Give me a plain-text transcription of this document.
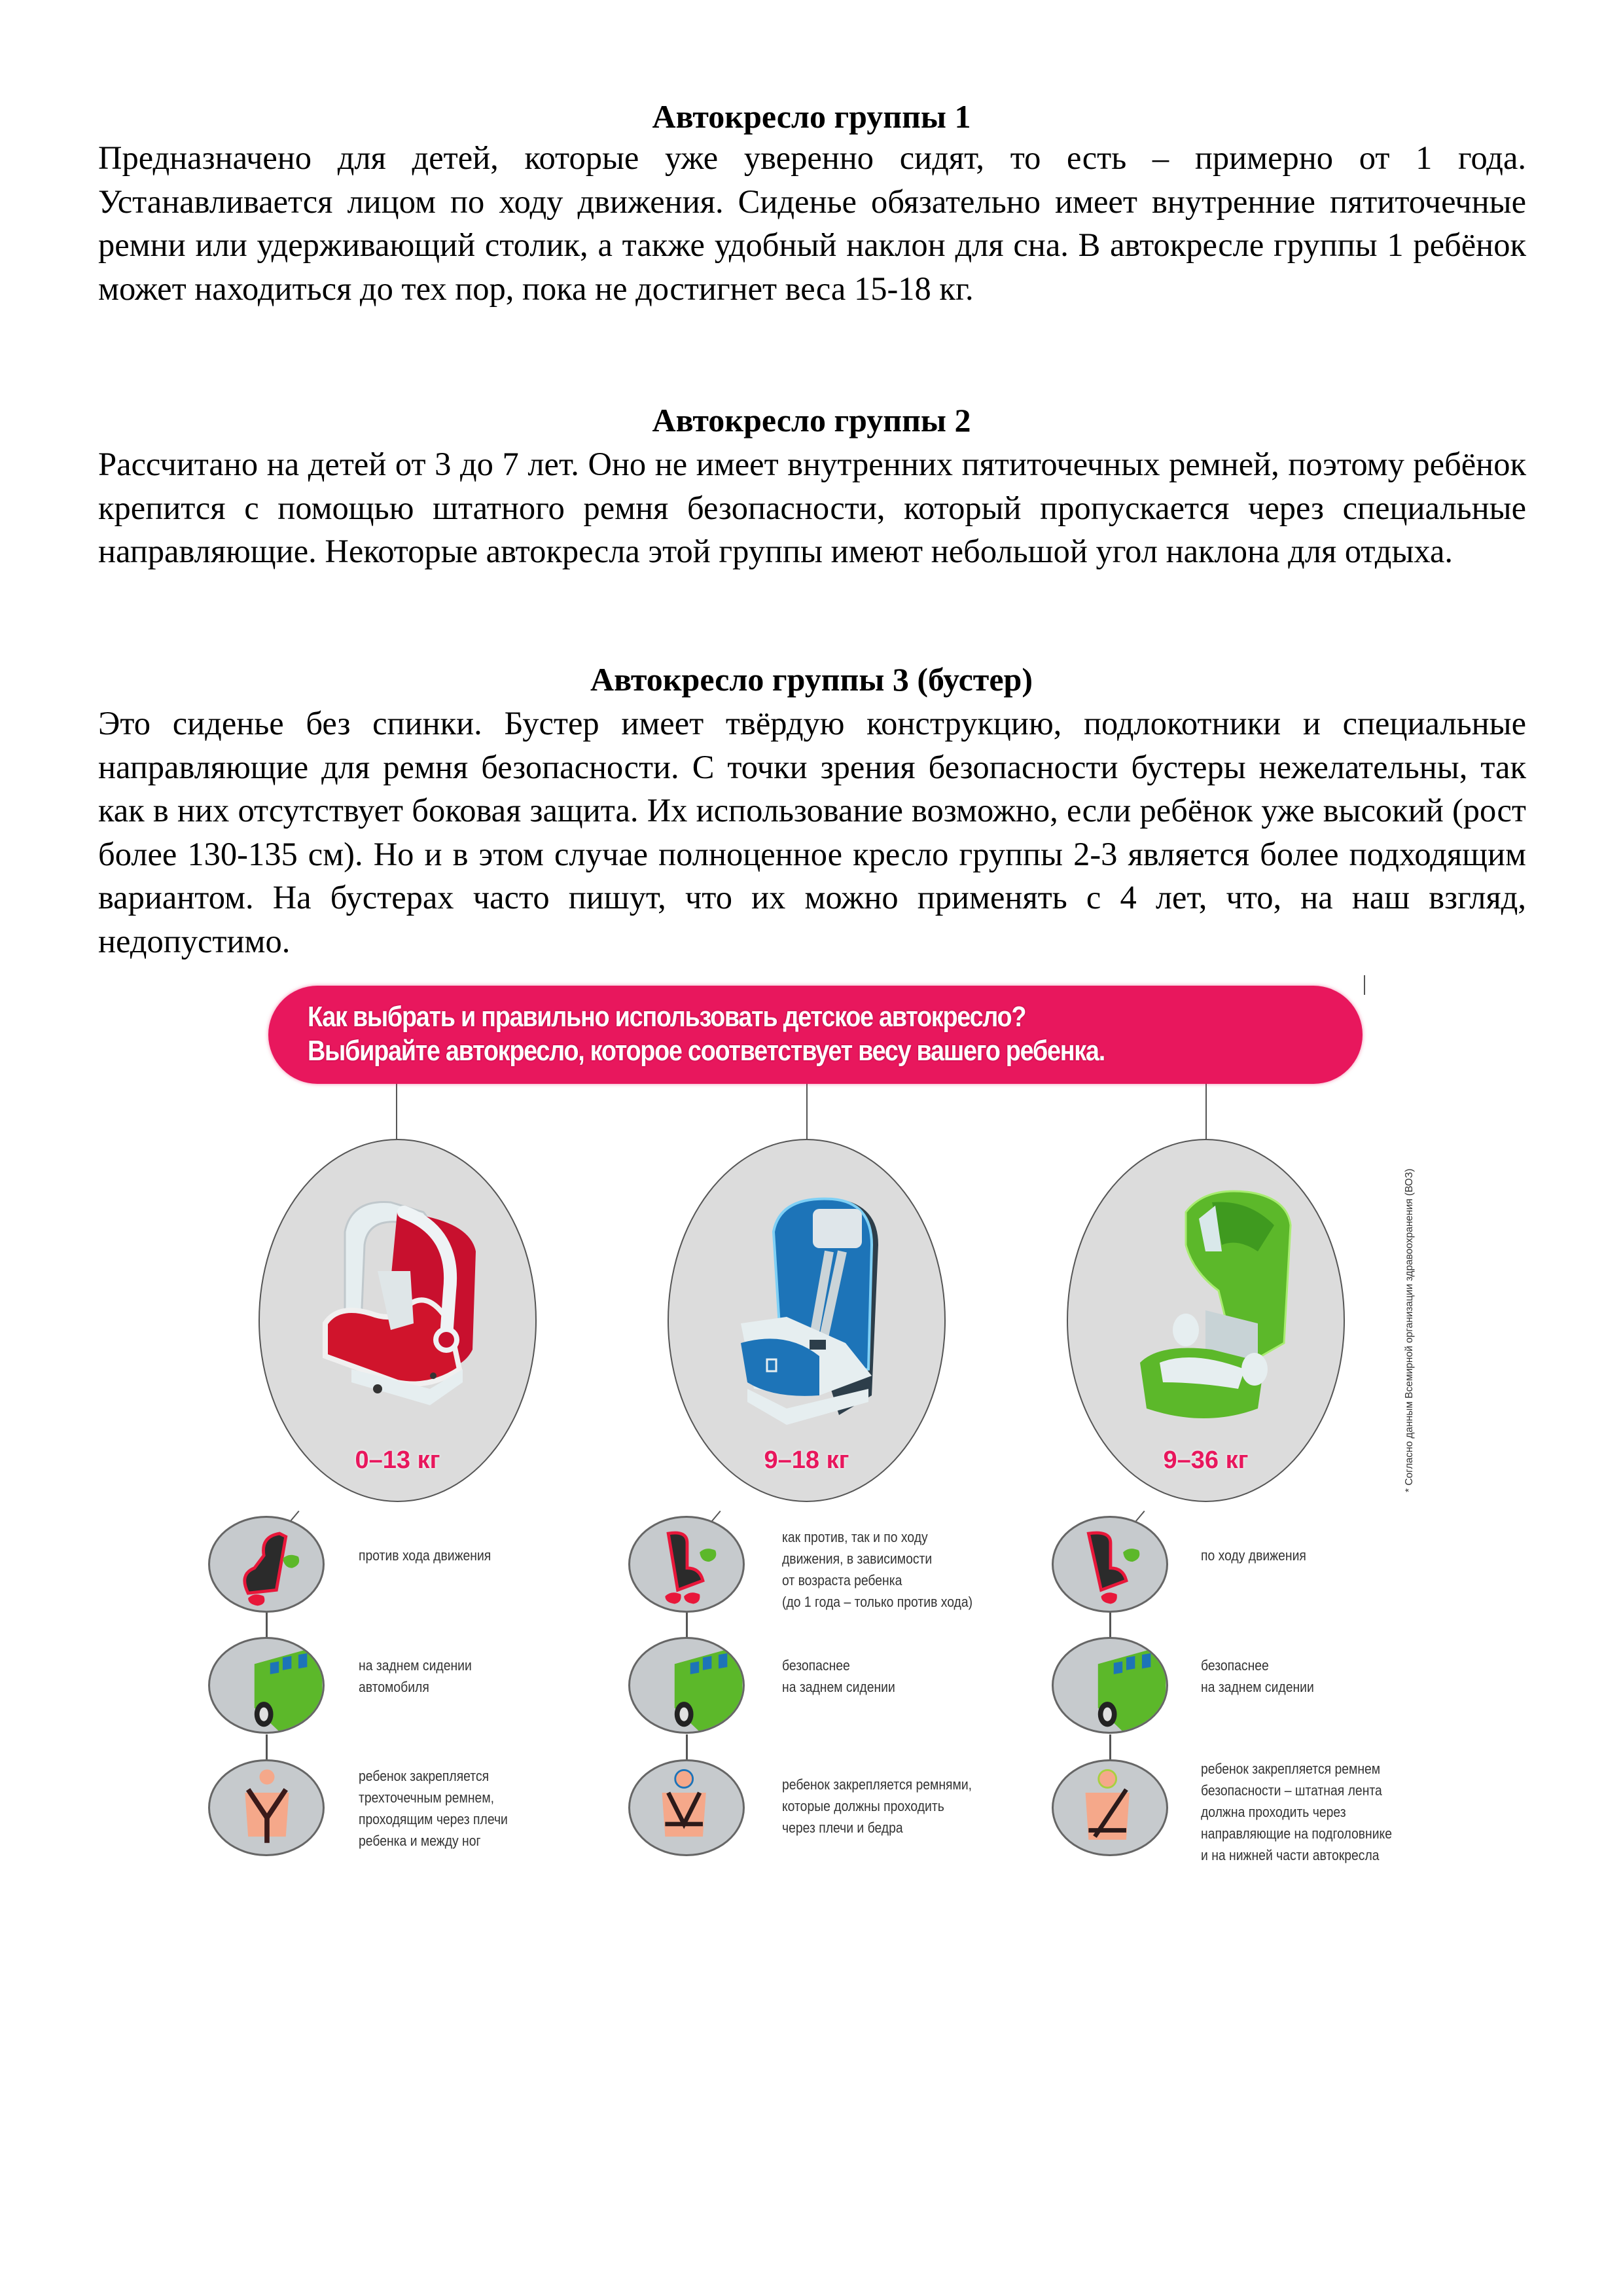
Автокресло группы 1

Предназначено для детей, которые уже уверенно сидят, то есть – примерно от 1 года. Устанавливается лицом по ходу движения. Сиденье обязательно имеет внутренние пятиточечные ремни или удерживающий столик, а также удобный наклон для сна. В автокресле группы 1 ребёнок может находиться до тех пор, пока не достигнет веса 15-18 кг.

Автокресло группы 2

Рассчитано на детей от 3 до 7 лет. Оно не имеет внутренних пятиточечных ремней, поэтому ребёнок крепится с помощью штатного ремня безопасности, который пропускается через специальные направляющие. Некоторые автокресла этой группы имеют небольшой угол наклона для отдыха.

Автокресло группы 3 (бустер)

Это сиденье без спинки. Бустер имеет твёрдую конструкцию, подлокотники и специальные направляющие для ремня безопасности. С точки зрения безопасности бустеры нежелательны, так как в них отсутствует боковая защита. Их использование возможно, если ребёнок уже высокий (рост более 130-135 см). Но и в этом случае полноценное кресло группы 2-3 является более подходящим вариантом. На бустерах часто пишут, что их можно применять с 4 лет, что, на наш взгляд, недопустимо.

Как выбрать и правильно использовать детское автокресло?
Выбирайте автокресло, которое соответствует весу вашего ребенка.
0–13 кг	9–18 кг	9–36 кг
против хода движения
на заднем сидении
автомобиля
ребенок закрепляется
трехточечным ремнем,
проходящим через плечи
ребенка и между ног
как против, так и по ходу
движения, в зависимости
от возраста ребенка
(до 1 года – только против хода)
безопаснее
на заднем сидении
ребенок закрепляется ремнями,
которые должны проходить
через плечи и бедра
по ходу движения
безопаснее
на заднем сидении
ребенок закрепляется ремнем
безопасности – штатная лента
должна проходить через
направляющие на подголовнике
и на нижней части автокресла
* Согласно данным Всемирной организации здравоохранения (ВОЗ)
